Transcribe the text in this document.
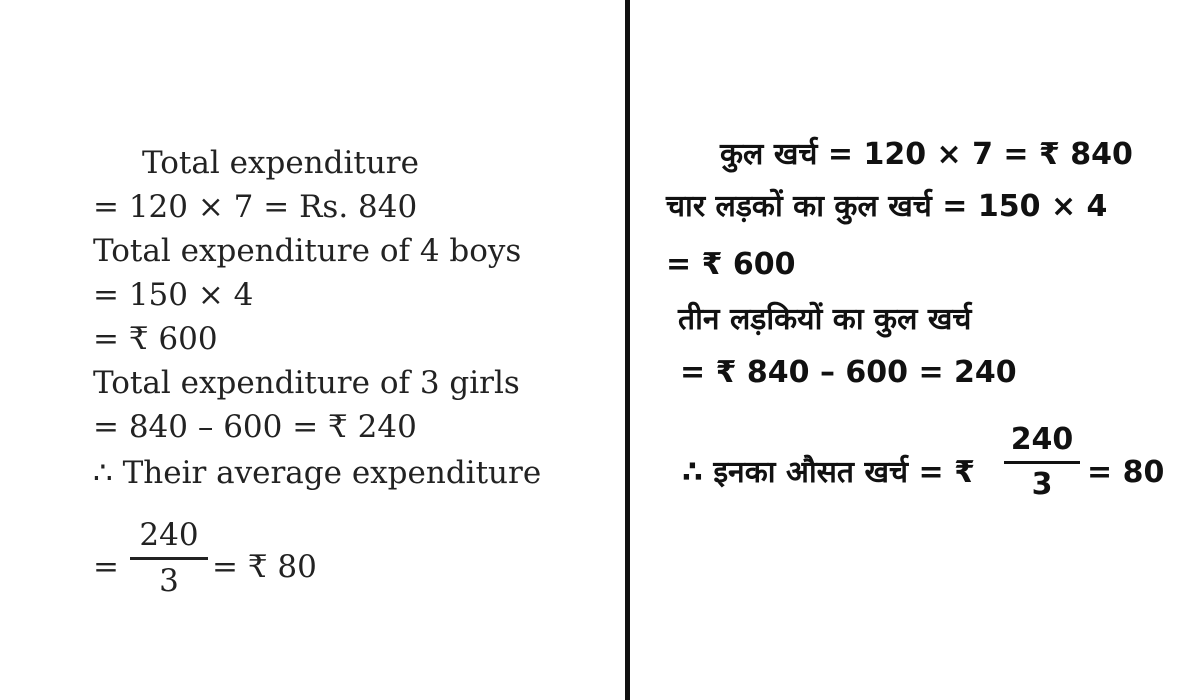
Total expenditure
= 120 × 7 = Rs. 840
Total expenditure of 4 boys
= 150 × 4
= ₹ 600
Total expenditure of 3 girls
= 840 – 600 = ₹ 240
∴ Their average expenditure
=
240
3	= ₹ 80
कुल खर्च = 120 × 7 = ₹ 840
चार लड़कों का कुल खर्च = 150 × 4
= ₹ 600
तीन लड़कियों का कुल खर्च
= ₹ 840 – 600 = 240
∴ इनका औसत खर्च = ₹
240
3	= 80
